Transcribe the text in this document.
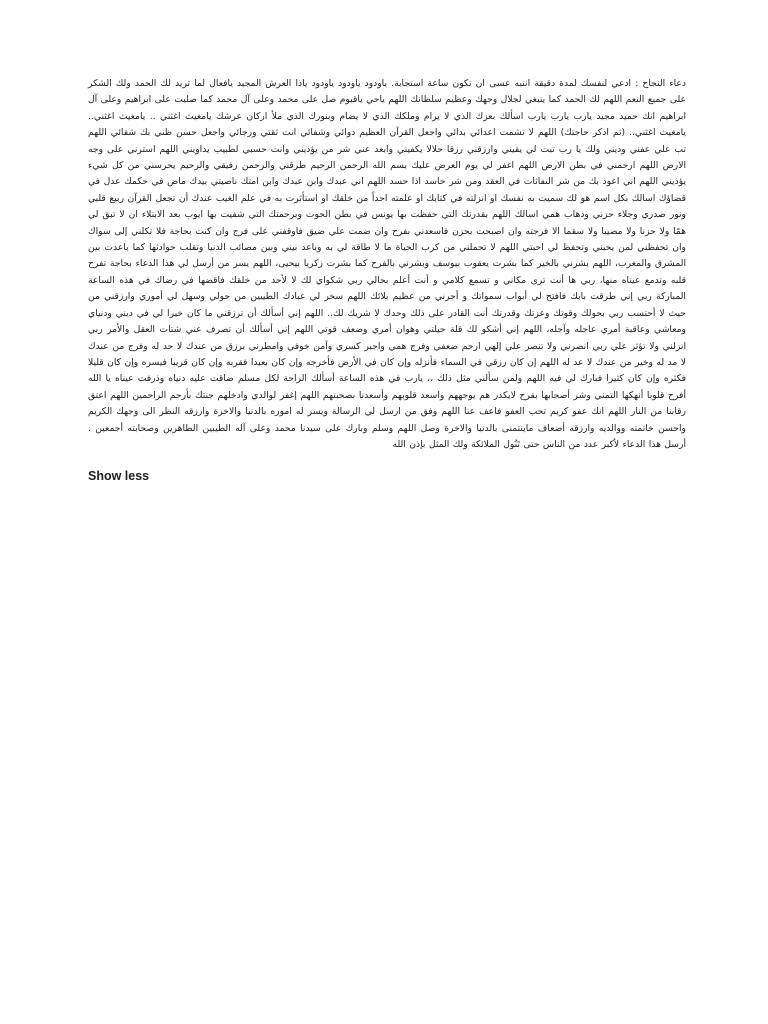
دعاء النجاح : ادعي لنفسك لمدة دقيقة انتبه عسى ان تكون ساعة استجابة. ياودود ياودود ياودود ياذا العرش المجيد يافعال لما تريد لك الحمد ولك الشكر على جميع النعم اللهم لك الحمد كما ينبغي لجلال وجهك وعظيم سلطانك اللهم ياحي ياقيوم صل على محمد وعلى آل محمد كما صليت على ابراهيم وعلى آل ابراهيم انك حميد مجيد يارب يارب يارب اسألك بعزك الذي لا يرام وملكك الذي لا يضام وبنورك الذي ملأ اركان عرشك يامغيث اغثني .. يامغيث اغثني.. يامغيث اغثني.. (ثم اذكر حاجتك) اللهم لا تشمت اعدائي بدائي واجعل القرآن العظيم دوائي وشفائي انت ثقتي ورجائي واجعل حسن ظني بك شفائي اللهم تب علي عفني وديني ولك يا رب تبت لي يقيني وارزقني رزقا حلالا يكفيني وابعد عني شر من يؤذيني وانت حسبي لطبيب يداويني اللهم استرني على وجه الارض اللهم ارحمني في بطن الارض اللهم اغفر لي يوم العرض عليك بسم الله الرحمن الرحيم طرقني والرحمن رفيقي والرحيم يحرسني من كل شيء يؤذيني اللهم اني اعوذ بك من شر النفاثات في العقد ومن شر حاسد اذا حسد اللهم اني عبدك وابن عبدك وابن امتك ناصيتي بيدك ماض في حكمك عدل في قضاؤك اسالك بكل اسم هو لك سميت به نفسك او انزلته في كتابك او علمته احداً من خلقك او استأثرت به في علم الغيب عندك أن تجعل القرآن ربيع قلبي ونور صدري وجلاء حزني وذهاب همي اسالك اللهم بقدرتك التي حفظت بها يونس في بطن الحوت وبرحمتك التي شفيت بها ايوب بعد الابتلاء ان لا تبق لي همًا ولا حزنا ولا مصيبا ولا سقما الا فرجته وان اصبحت بحزن فاسعدني بفرح وان ضمت علي ضيق فاوقفني على فرج وان كنت بحاجة فلا تكلني إلى سواك وان تحفظني لمن يحبني وتحفظ لي احبتي اللهم لا تحملني من كرب الحياة ما لا طاقة لي به وباعد بيني وبين مصائب الدنيا وتقلب حوادثها كما باعدت بين المشرق والمغرب، اللهم بشرني بالخير كما بشرت يعقوب بيوسف وبشرني بالفرح كما بشرت زكريا بيحيى، اللهم يسر من أرسل لي هذا الدعاء بحاجة تفرح قلبه وتدمع عيناه منها، ربي ها أنت ترى مكاني و تسمع كلامي و أنت أعلم بحالي ربي شكواي لك لا لأحد من خلقك فاقضها في رضاك في هذه الساعة المباركة ربي إني طرقت بابك فافتح لي أبواب سمواتك و أجرني من عظيم بلائك اللهم سخر لي عبادك الطيبين من حولي وسهل لي أموري وارزقني من حيث لا أحتسب ربي بحولك وقوتك وعزتك وقدرتك أنت القادر على ذلك وحدك لا شريك لك.. اللهم إني أسألك أن ترزقني ما كان خيرا لي في ديني ودنياي ومعاشي وعاقبة أمري عاجله وآجله، اللهم إني أشكو لك قلة حيلتي وهوان أمري وضعف قوتي اللهم إني أسألك أن تصرف عني شتات العقل والأمر ربي انزلني ولا تؤثر علي ربي انصرني ولا تنصر علي إلهي ارحم ضعفي وفرج همي واجبر كسري وآمن خوفي وامطرني برزق من عندك لا حد له وفرج من عندك لا مد له وخير من عندك لا عد له اللهم إن كان رزقي في السماء فأنزله وإن كان في الأرض فأخرجه وإن كان بعيدا فقربه وإن كان قريبا فيسره وإن كان قليلا فكثره وإن كان كثيرا فبارك لي فيه اللهم ولمن سألني مثل ذلك ،، يارب في هذه الساعة أسألك الراحة لكل مسلم ضاقت عليه دنياه وذرفت عيناه يا الله أفرح قلوبا أنهكها التمني وشر أصحابها بفرح لايكدر هم يوجههم واسعد قلوبهم وأسعدنا بصحبتهم اللهم إغفر لوالدي وادخلهم جنتك بأرحم الراحمين اللهم اعتق رقابنا من النار اللهم انك عفو كريم تحب العفو فاعف عنا اللهم وفق من ارسل لي الرسالة ويسر له اموره بالدنيا والاخرة وارزقه النظر الى وجهك الكريم واحسن خاتمته ووالديه وارزقه أضعاف ماينتمنى بالدنيا والاخرة وصل اللهم وسلم وبارك على سيدنا محمد وعلى آله الطيبين الطاهرين وصحابته أجمعين . أرسل هذا الدعاء لأكبر عدد من الناس حتى تَنُول الملائكة ولك المثل بإذن الله

Show less
